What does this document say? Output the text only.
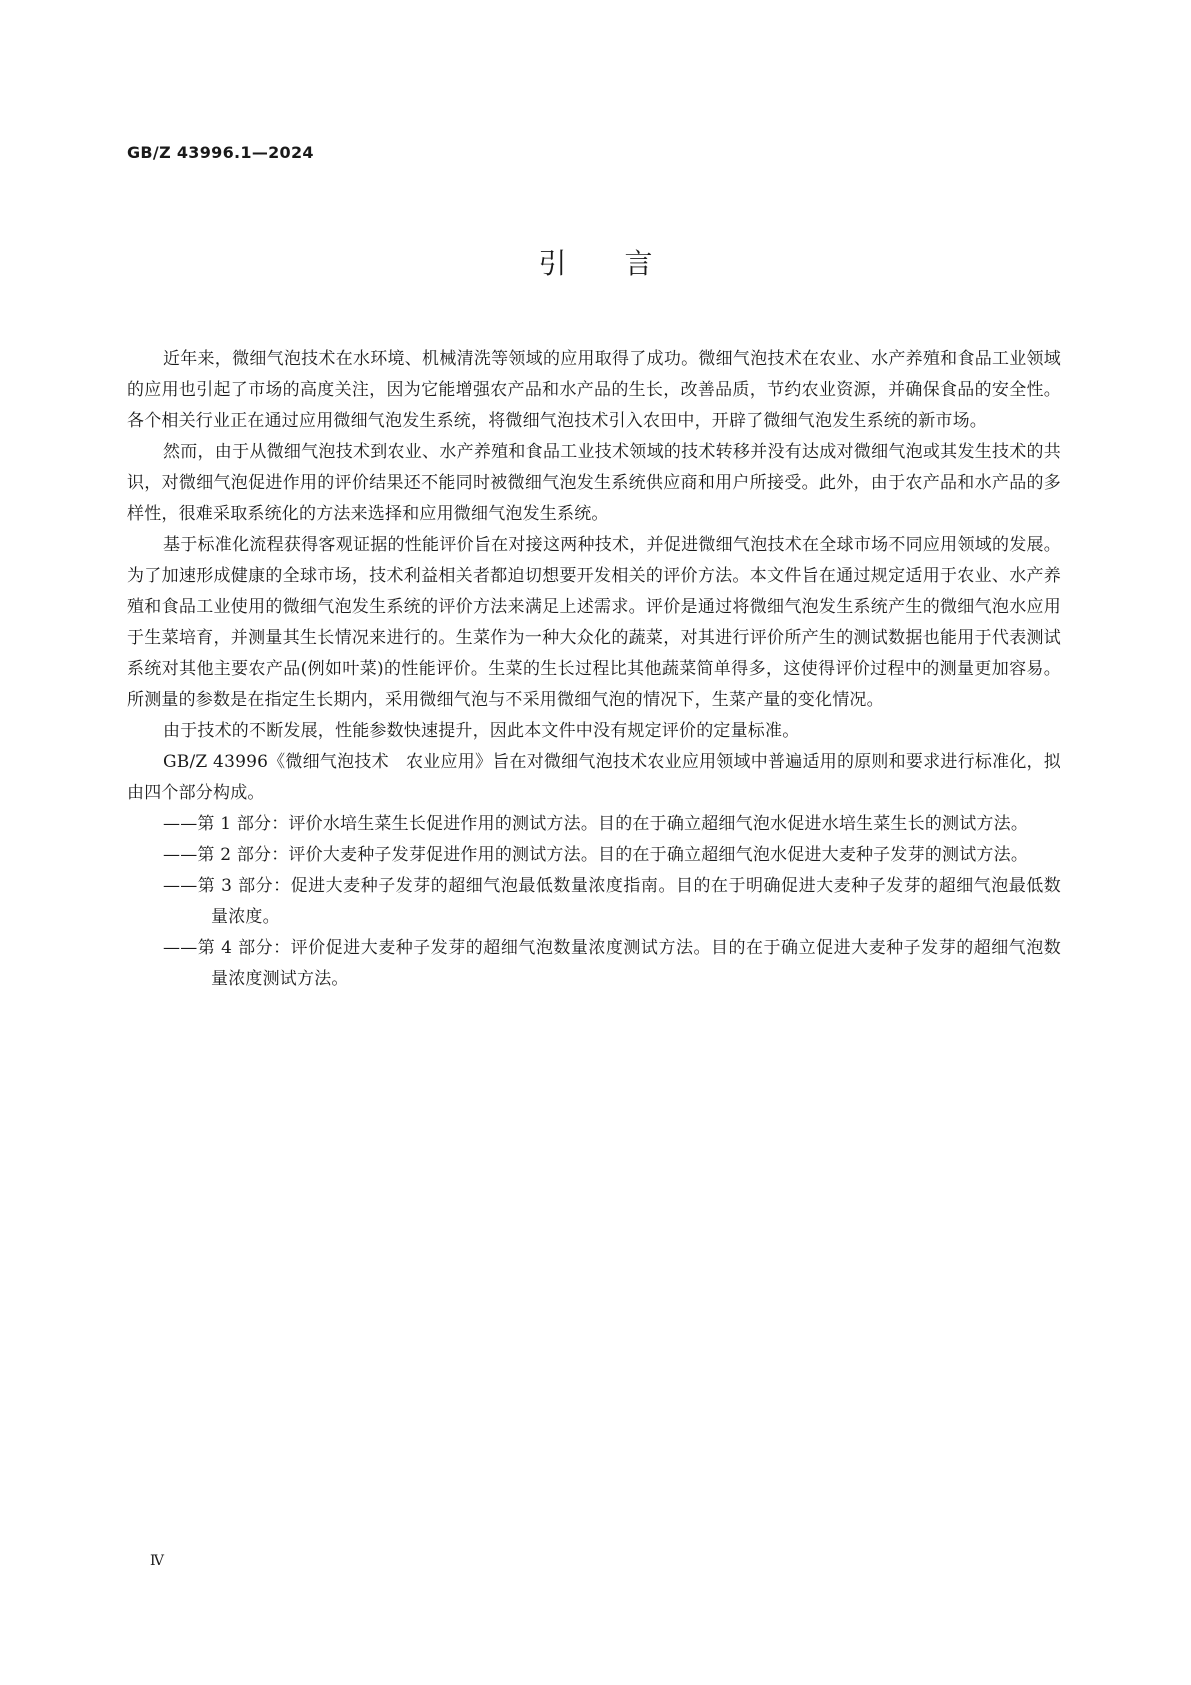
GB/Z 43996.1—2024
引言

近年来，微细气泡技术在水环境、机械清洗等领域的应用取得了成功。微细气泡技术在农业、水产养殖和食品工业领域的应用也引起了市场的高度关注，因为它能增强农产品和水产品的生长，改善品质，节约农业资源，并确保食品的安全性。各个相关行业正在通过应用微细气泡发生系统，将微细气泡技术引入农田中，开辟了微细气泡发生系统的新市场。

然而，由于从微细气泡技术到农业、水产养殖和食品工业技术领域的技术转移并没有达成对微细气泡或其发生技术的共识，对微细气泡促进作用的评价结果还不能同时被微细气泡发生系统供应商和用户所接受。此外，由于农产品和水产品的多样性，很难采取系统化的方法来选择和应用微细气泡发生系统。

基于标准化流程获得客观证据的性能评价旨在对接这两种技术，并促进微细气泡技术在全球市场不同应用领域的发展。为了加速形成健康的全球市场，技术利益相关者都迫切想要开发相关的评价方法。本文件旨在通过规定适用于农业、水产养殖和食品工业使用的微细气泡发生系统的评价方法来满足上述需求。评价是通过将微细气泡发生系统产生的微细气泡水应用于生菜培育，并测量其生长情况来进行的。生菜作为一种大众化的蔬菜，对其进行评价所产生的测试数据也能用于代表测试系统对其他主要农产品(例如叶菜)的性能评价。生菜的生长过程比其他蔬菜简单得多，这使得评价过程中的测量更加容易。所测量的参数是在指定生长期内，采用微细气泡与不采用微细气泡的情况下，生菜产量的变化情况。

由于技术的不断发展，性能参数快速提升，因此本文件中没有规定评价的定量标准。

GB/Z 43996《微细气泡技术　农业应用》旨在对微细气泡技术农业应用领域中普遍适用的原则和要求进行标准化，拟由四个部分构成。

——第 1 部分：评价水培生菜生长促进作用的测试方法。目的在于确立超细气泡水促进水培生菜生长的测试方法。
——第 2 部分：评价大麦种子发芽促进作用的测试方法。目的在于确立超细气泡水促进大麦种子发芽的测试方法。
——第 3 部分：促进大麦种子发芽的超细气泡最低数量浓度指南。目的在于明确促进大麦种子发芽的超细气泡最低数量浓度。
——第 4 部分：评价促进大麦种子发芽的超细气泡数量浓度测试方法。目的在于确立促进大麦种子发芽的超细气泡数量浓度测试方法。
Ⅳ
